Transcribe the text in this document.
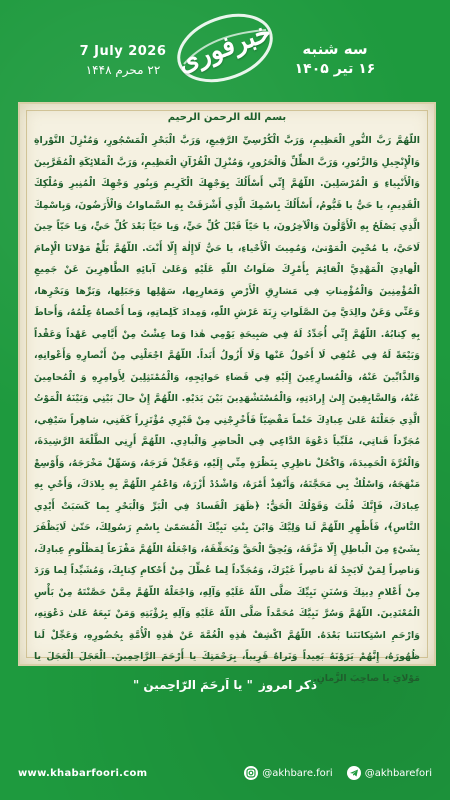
7 July 2026
۲۲ محرم ۱۴۴۸ خبرفوری	سه شنبه
۱۶ تیر ۱۴۰۵
بسم الله الرحمن الرحیم
اللّهُمَّ رَبَّ النُّورِ الْعَظِيمِ، وَرَبَّ الْكُرْسِيِّ الرَّفِيعِ، وَرَبَّ الْبَحْرِ الْمَسْجُورِ، وَمُنْزِلَ التَّوْراةِ وَالْإِنْجِيلِ وَالزَّبُورِ، وَرَبَّ الظِّلِّ وَالْحَرُورِ، وَمُنْزِلَ الْقُرْآنِ الْعَظِيمِ، وَرَبَّ الْمَلائِكَةِ الْمُقَرَّبِينَ وَالْأَنْبِياءِ وَ الْمُرْسَلِينَ. اللّهُمَّ إِنِّي أَسْأَلُكَ بِوَجْهِكَ الْكَرِيمِ وَبِنُورِ وَجْهِكَ الْمُنِيرِ وَمُلْكِكَ الْقَدِيمِ، يا حَيُّ يا قَيُّومُ، أَسْأَلُكَ بِاسْمِكَ الَّذِي أَشْرَقَتْ بِهِ السَّماواتُ وَالْأَرَضُونَ، وَبِاسْمِكَ الَّذِي يَصْلَحُ بِهِ الْأَوَّلُونَ وَالْآخِرُونَ، يا حَيّاً قَبْلَ كُلِّ حَيٍّ، وَيا حَيّاً بَعْدَ كُلِّ حَيٍّ، وَيا حَيّاً حِينَ لَاحَيَّ، يا مُحْيِيَ الْمَوْتىٰ، وَمُمِيتَ الْأَحْياءِ، يا حَيُّ لَاإِلٰهَ إِلّا أَنْتَ. اللّهُمَّ بَلِّغْ مَوْلانَا الْإِمامَ الْهادِيَ الْمَهْدِيَّ الْقائِمَ بِأَمْرِكَ صَلَواتُ اللّهِ عَلَيْهِ وَعَلىٰ آبائِهِ الطَّاهِرِينَ عَنْ جَمِيعِ الْمُؤْمِنِينَ وَالْمُؤْمِناتِ فِي مَشارِقِ الْأَرْضِ وَمَغارِبِها، سَهْلِها وَجَبَلِها، وَبَرِّها وَبَحْرِها، وَعَنِّي وَعَنْ والِدَيَّ مِنَ الصَّلَواتِ زِنَةَ عَرْشِ اللّهِ، وَمِدادَ كَلِماتِهِ، وَما أَحْصاهُ عِلْمُهُ، وَأَحاطَ بِهِ كِتابُهُ. اللّهُمَّ إِنِّي أُجَدِّدُ لَهُ فِي صَبِيحَةِ يَوْمِي هٰذا وَما عِشْتُ مِنْ أَيَّامِي عَهْداً وَعَقْداً وَبَيْعَةً لَهُ فِي عُنُقِي لَا أَحُولُ عَنْها وَلَا أَزُولُ أَبَداً. اللّهُمَّ اجْعَلْنِي مِنْ أَنْصارِهِ وَأَعْوانِهِ، وَالذَّابِّينَ عَنْهُ، وَالْمُسارِعِينَ إِلَيْهِ فِي قَضاءِ حَوائِجِهِ، وَالْمُمْتَثِلِينَ لِأَوامِرِهِ وَ الْمُحامِينَ عَنْهُ، وَالسَّابِقِينَ إِلىٰ إِرادَتِهِ، وَالْمُسْتَشْهَدِينَ بَيْنَ يَدَيْهِ. اللّهُمَّ إِنْ حالَ بَيْنِي وَبَيْنَهُ الْمَوْتُ الَّذِي جَعَلْتَهُ عَلىٰ عِبادِكَ حَتْماً مَقْضِيّاً فَأَخْرِجْنِي مِنْ قَبْرِي مُؤْتَزِراً كَفَنِي، شاهِراً سَيْفِي، مُجَرِّداً قَناتِي، مُلَبِّياً دَعْوَةَ الدَّاعِي فِي الْحاضِرِ وَالْبادِي. اللّهُمَّ أَرِنِي الطَّلْعَةَ الرَّشِيدَةَ، وَالْغُرَّةَ الْحَمِيدَةَ، وَاكْحُلْ ناظِرِي بِنَظْرَةٍ مِنِّي إِلَيْهِ، وَعَجِّلْ فَرَجَهُ، وَسَهِّلْ مَخْرَجَهُ، وَأَوْسِعْ مَنْهَجَهُ، وَاسْلُكْ بِي مَحَجَّتَهُ، وَأَنْفِذْ أَمْرَهُ، وَاشْدُدْ أَزْرَهُ، وَاعْمُرِ اللّهُمَّ بِهِ بِلادَكَ، وَأَحْيِ بِهِ عِبادَكَ، فَإِنَّكَ قُلْتَ وَقَوْلُكَ الْحَقُّ: ﴿ظَهَرَ الْفَسادُ فِي الْبَرِّ وَالْبَحْرِ بِما كَسَبَتْ أَيْدِي النَّاسِ﴾، فَأَظْهِرِ اللّهُمَّ لَنا وَلِيَّكَ وَابْنَ بِنْتِ نَبِيِّكَ الْمُسَمّىٰ بِاسْمِ رَسُولِكَ، حَتّىٰ لَايَظْفَرَ بِشَيْءٍ مِنَ الْباطِلِ إِلّا مَزَّقَهُ، وَيُحِقَّ الْحَقَّ وَيُحَقِّقَهُ، وَاجْعَلْهُ اللّهُمَّ مَفْزَعاً لِمَظْلُومِ عِبادِكَ، وَناصِراً لِمَنْ لَايَجِدُ لَهُ ناصِراً غَيْرَكَ، وَمُجَدِّداً لِما عُطِّلَ مِنْ أَحْكامِ كِتابِكَ، وَمُشَيِّداً لِما وَرَدَ مِنْ أَعْلامِ دِينِكَ وَسُنَنِ نَبِيِّكَ صَلَّى اللّهُ عَلَيْهِ وَآلِهِ، وَاجْعَلْهُ اللّهُمَّ مِمَّنْ حَصَّنْتَهُ مِنْ بَأْسِ الْمُعْتَدِينَ. اللّهُمَّ وَسُرَّ نَبِيَّكَ مُحَمَّداً صَلَّى اللّهُ عَلَيْهِ وَآلِهِ بِرُؤْيَتِهِ وَمَنْ تَبِعَهُ عَلىٰ دَعْوَتِهِ، وَارْحَمِ اسْتِكانَتَنا بَعْدَهُ. اللّهُمَّ اكْشِفْ هٰذِهِ الْغُمَّةَ عَنْ هٰذِهِ الْأُمَّةِ بِحُضُورِهِ، وَعَجِّلْ لَنا ظُهُورَهُ، إِنَّهُمْ يَرَوْنَهُ بَعِيداً وَنَراهُ قَرِيباً، بِرَحْمَتِكَ يا أَرْحَمَ الرَّاحِمِينَ. الْعَجَلَ الْعَجَلَ يا مَوْلايَ يا صاحِبَ الزَّمانِ.
ذکر امروز
" یا اَرحَمَ الرّاحِمین "
www.khabarfoori.com	@akhbare.fori	@akhbarefori
